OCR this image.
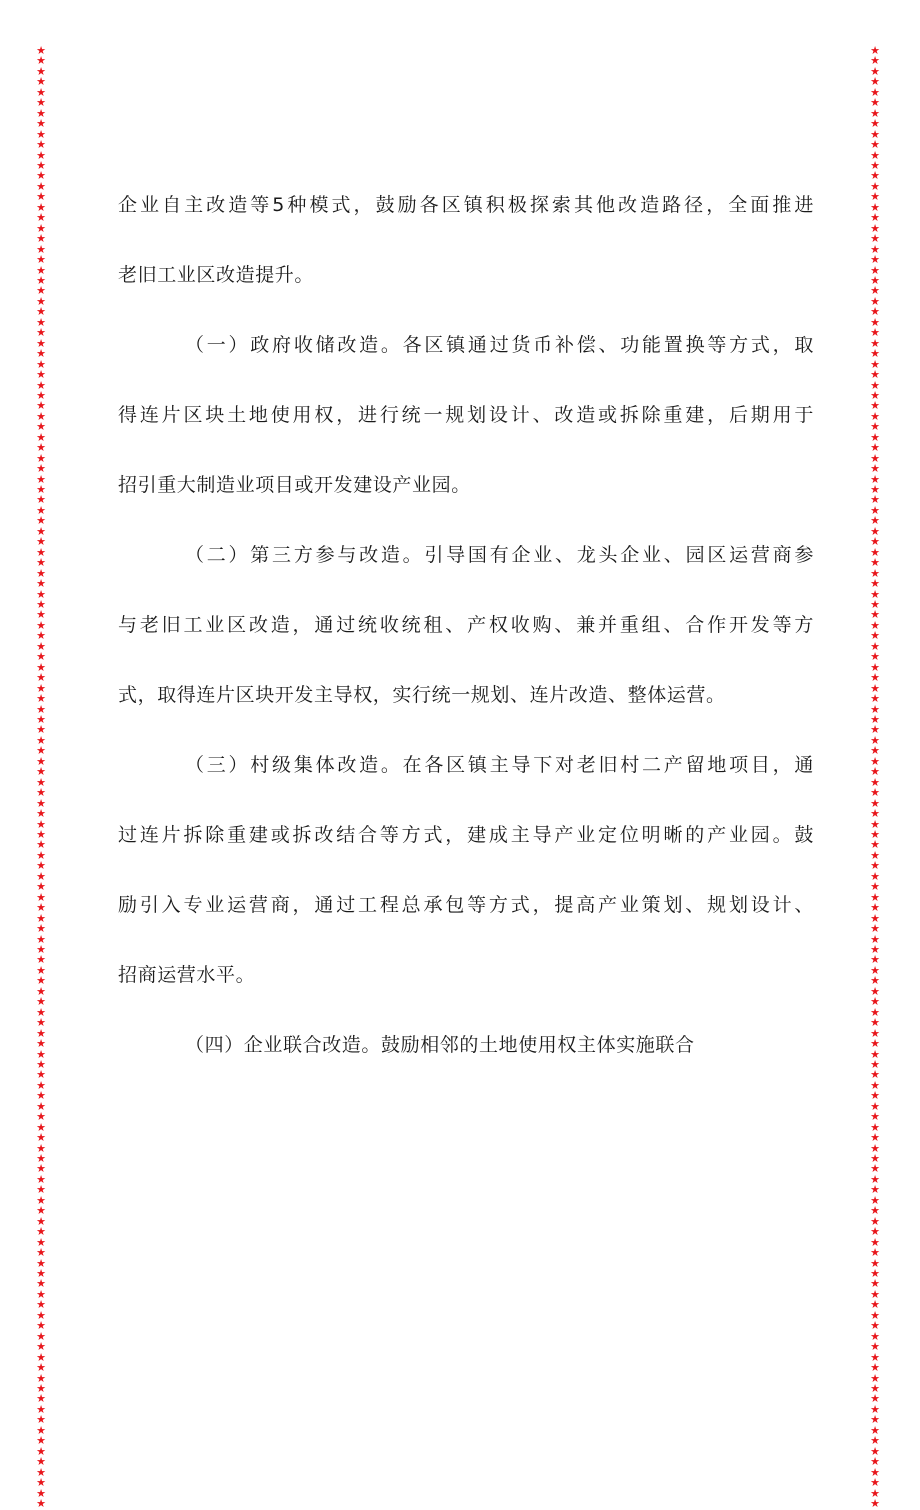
★
★
★
★
★
★
★
★
★
★
★
★
★
★
★
★
★
★
★
★
★
★
★
★
★
★
★
★
★
★
★
★
★
★
★
★
★
★
★
★
★
★
★
★
★
★
★
★
★
★
★
★
★
★
★
★
★
★
★
★
★
★
★
★
★
★
★
★
★
★
★
★
★
★
★
★
★
★
★
★
★
★
★
★
★
★
★
★
★
★
★
★
★
★
★
★
★
★
★
★
★
★
★
★
★
★
★
★
★
★
★
★
★
★
★
★
★
★
★
★
★
★
★
★
★
★
★
★
★
★
★
★
★
★
★
★
★
★
★
★
★
★
★
★
★
★
★
★
★
★
★
★
★
★
★
★
★
★
★
★
★
★
★
★
★
★
★
★
★
★
★
★
★
★
★
★
★
★
★
★
★
★
★
★
★
★
★
★
★
★
★
★
★
★
★
★
★
★
★
★
★
★
★
★
★
★
★
★
★
★
★
★
★
★
★
★
★
★
★
★
★
★
★
★
★
★
★
★
★
★
★
★
★
★
★
★
★
★
★
★
★
★
★
★
★
★
★
★
★
★
★
★
★
★
★
★
★
★
★
★
★
★
★
★
★
★
★
★
★
★
★
★
★
★
★
★
★
★
★
★
企业自主改造等5种模式，鼓励各区镇积极探索其他改造路径，全面推进
老旧工业区改造提升。
（一）政府收储改造。各区镇通过货币补偿、功能置换等方式，取
得连片区块土地使用权，进行统一规划设计、改造或拆除重建，后期用于
招引重大制造业项目或开发建设产业园。
（二）第三方参与改造。引导国有企业、龙头企业、园区运营商参
与老旧工业区改造，通过统收统租、产权收购、兼并重组、合作开发等方
式，取得连片区块开发主导权，实行统一规划、连片改造、整体运营。
（三）村级集体改造。在各区镇主导下对老旧村二产留地项目，通
过连片拆除重建或拆改结合等方式，建成主导产业定位明晰的产业园。鼓
励引入专业运营商，通过工程总承包等方式，提高产业策划、规划设计、
招商运营水平。
（四）企业联合改造。鼓励相邻的土地使用权主体实施联合
